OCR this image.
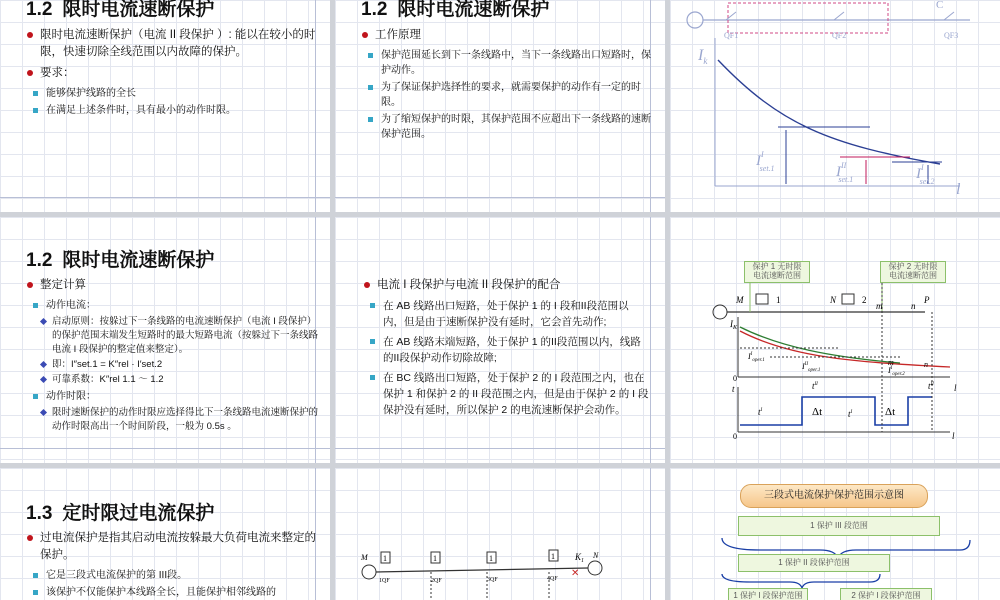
1.2 限时电流速断保护
限时电流速断保护（电流 II 段保护 ）: 能以在较小的时限，快速切除全线范围以内故障的保护。
要求：
能够保护线路的全长
在满足上述条件时，具有最小的动作时限。
1.2 限时电流速断保护
工作原理
保护范围延长到下一条线路中，当下一条线路出口短路时，保护动作。
为了保证保护选择性的要求，就需要保护的动作有一定的时限。
为了缩短保护的时限，其保护范围不应超出下一条线路的速断保护范围。
C
QF1	QF2	QF3
$I_k$
$I^I$ set.1	$I^{II}$ set.1	$I^I$ set.2 l
1.2 限时电流速断保护
整定计算
动作电流：
启动原则：按躲过下一条线路的电流速断保护（电流 I 段保护）的保护范围末端发生短路时的最大短路电流（按躲过下一条线路电流 I 段保护的整定值来整定）。
即：I″set.1 = K″rel · I′set.2
可靠系数：K″rel 1.1 ～ 1.2
动作时限：
限时速断保护的动作时限应选择得比下一条线路电流速断保护的动作时限高出一个时间阶段，一般为 0.5s 。
电流 I 段保护与电流 II 段保护的配合
在 AB 线路出口短路，处于保护 1 的 I 段和II段范围以内，但是由于速断保护没有延时，它会首先动作;
在 AB 线路末端短路，处于保护 1 的II段范围以内，线路的II段保护动作切除故障;
在 BC 线路出口短路，处于保护 2 的 I 段范围之内，也在保护 1 和保护 2 的 II 段范围之内，但是由于保护 2 的 I 段保护没有延时，所以保护 2 的电流速断保护会动作。
保护 1 无时限
电流速断范围
保护 2 无时限
电流速断范围
M	N	P
1	2
m	n
$I_K$
$I^I_{oper.1}$
$I^{II}_{oper.1}$	$I^I_{oper.2}$
m	n
0
l
t	$t^{II}$	$t^{II}$
$t^I$	$t^I$
Δt	Δt
0	l
1.3 定时限过电流保护
过电流保护是指其启动电流按躲最大负荷电流来整定的保护。
它是三段式电流保护的第 III段。
该保护不仅能保护本线路全长，且能保护相邻线路的
1	1	1	1
M	N
$K_1$
1QF	2QF	3QF	4QF ✕
三段式电流保护保护范围示意图
1 保护 III 段范围
1 保护 II 段保护范围
1 保护 I 段保护范围	2 保护 I 段保护范围
